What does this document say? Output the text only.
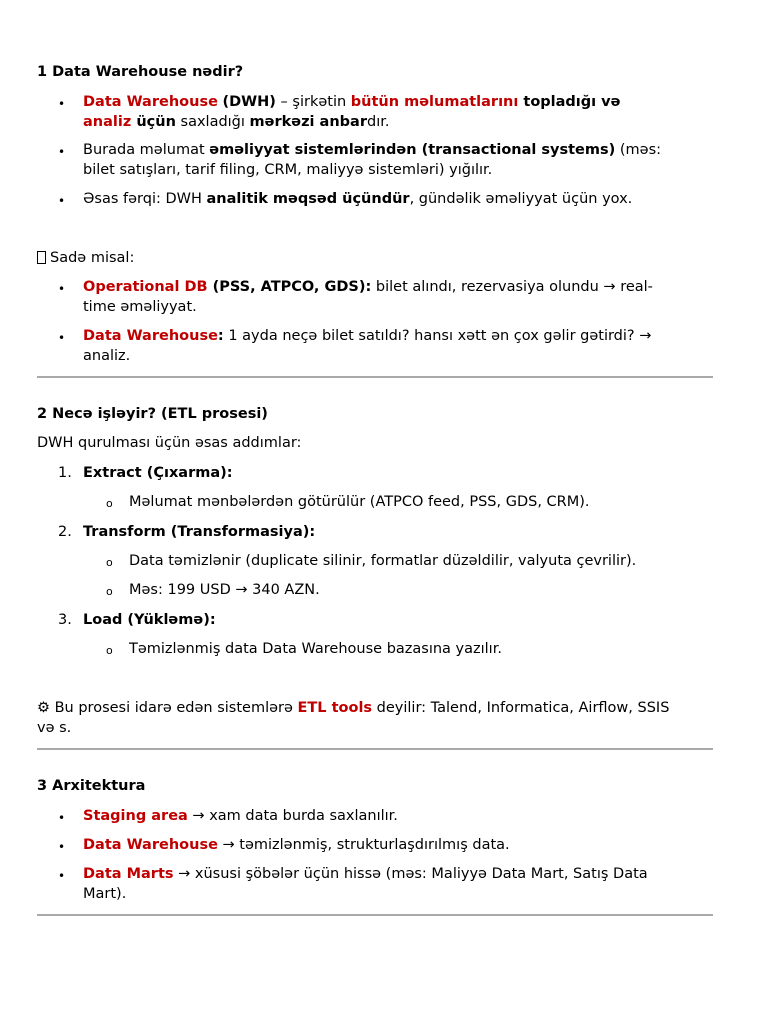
1 Data Warehouse nədir?
• Data Warehouse (DWH) – şirkətin bütün məlumatlarını topladığı və
analiz üçün saxladığı mərkəzi anbardır.
• Burada məlumat əməliyyat sistemlərindən (transactional systems) (məs:
bilet satışları, tarif filing, CRM, maliyyə sistemləri) yığılır.
• Əsas fərqi: DWH analitik məqsəd üçündür, gündəlik əməliyyat üçün yox.
Sadə misal:
• Operational DB (PSS, ATPCO, GDS): bilet alındı, rezervasiya olundu → real-
time əməliyyat.
• Data Warehouse: 1 ayda neçə bilet satıldı? hansı xətt ən çox gəlir gətirdi? →
analiz.
2 Necə işləyir? (ETL prosesi)
DWH qurulması üçün əsas addımlar:
1. Extract (Çıxarma):
o Məlumat mənbələrdən götürülür (ATPCO feed, PSS, GDS, CRM).
2. Transform (Transformasiya):
o Data təmizlənir (duplicate silinir, formatlar düzəldilir, valyuta çevrilir).
o Məs: 199 USD → 340 AZN.
3. Load (Yükləmə):
o Təmizlənmiş data Data Warehouse bazasına yazılır.
⚙ Bu prosesi idarə edən sistemlərə ETL tools deyilir: Talend, Informatica, Airflow, SSIS
və s.
3 Arxitektura
• Staging area → xam data burda saxlanılır.
• Data Warehouse → təmizlənmiş, strukturlaşdırılmış data.
• Data Marts → xüsusi şöbələr üçün hissə (məs: Maliyyə Data Mart, Satış Data
Mart).
